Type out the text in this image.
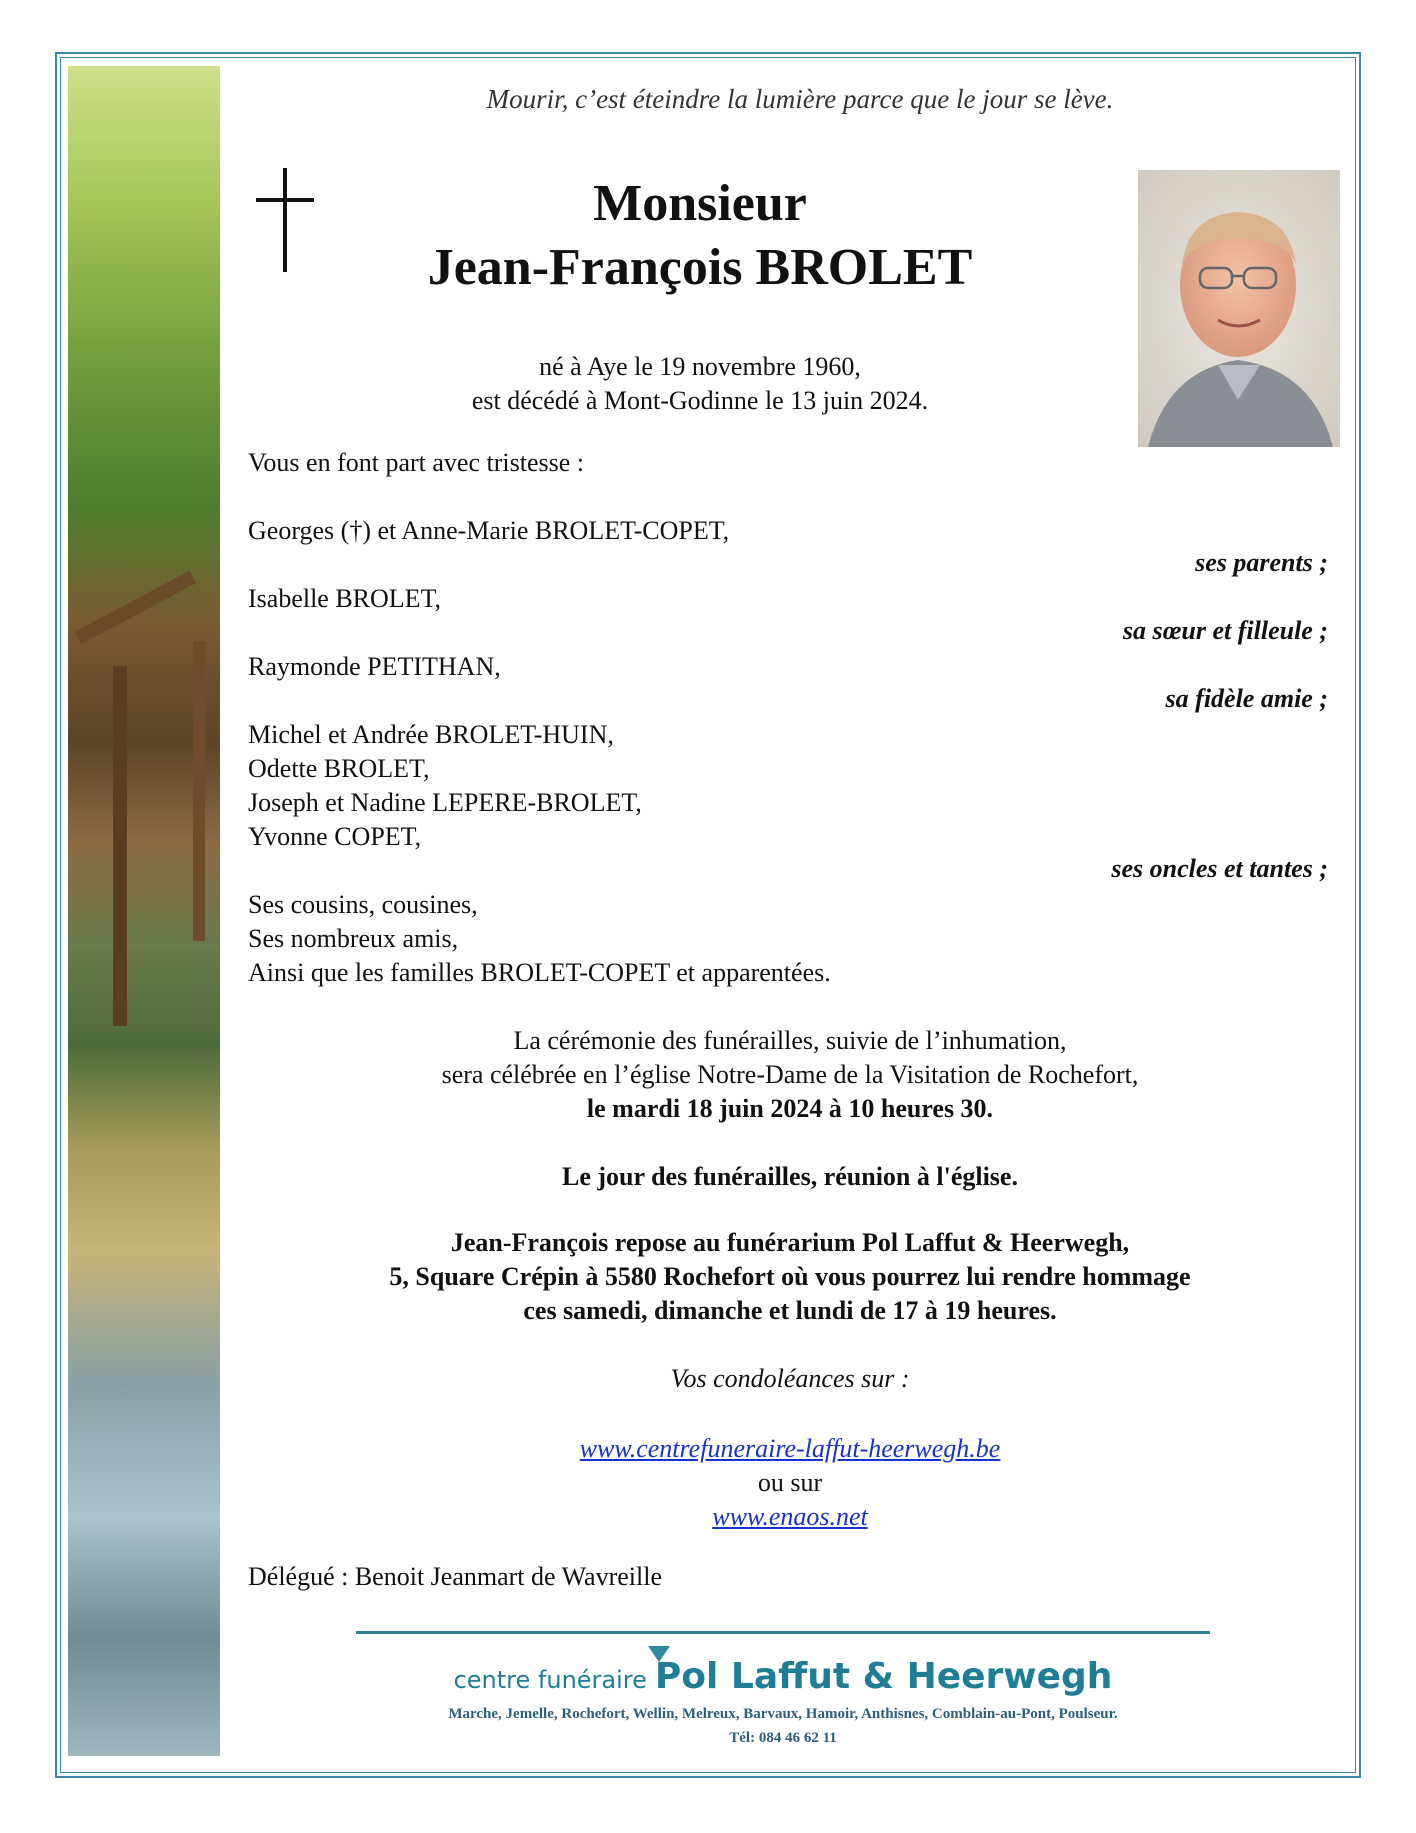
Mourir, c’est éteindre la lumière parce que le jour se lève.
Monsieur
Jean-François BROLET
né à Aye le 19 novembre 1960,
est décédé à Mont-Godinne le 13 juin 2024.
Vous en font part avec tristesse :
Georges (†) et Anne-Marie BROLET-COPET,
ses parents ;
Isabelle BROLET,
sa sœur et filleule ;
Raymonde PETITHAN,
sa fidèle amie ;
Michel et Andrée BROLET-HUIN,
Odette BROLET,
Joseph et Nadine LEPERE-BROLET,
Yvonne COPET,
ses oncles et tantes ;
Ses cousins, cousines,
Ses nombreux amis,
Ainsi que les familles BROLET-COPET et apparentées.
La cérémonie des funérailles, suivie de l’inhumation,
sera célébrée en l’église Notre-Dame de la Visitation de Rochefort,
le mardi 18 juin 2024 à 10 heures 30.
Le jour des funérailles, réunion à l'église.
Jean-François repose au funérarium Pol Laffut & Heerwegh,
5, Square Crépin à 5580 Rochefort où vous pourrez lui rendre hommage
ces samedi, dimanche et lundi de 17 à 19 heures.
Vos condoléances sur :
www.centrefuneraire-laffut-heerwegh.be
ou sur
www.enaos.net
Délégué : Benoit Jeanmart de Wavreille
centre funéraire Pol Laffut & Heerwegh
Marche, Jemelle, Rochefort, Wellin, Melreux, Barvaux, Hamoir, Anthisnes, Comblain-au-Pont, Poulseur.
Tél: 084 46 62 11
